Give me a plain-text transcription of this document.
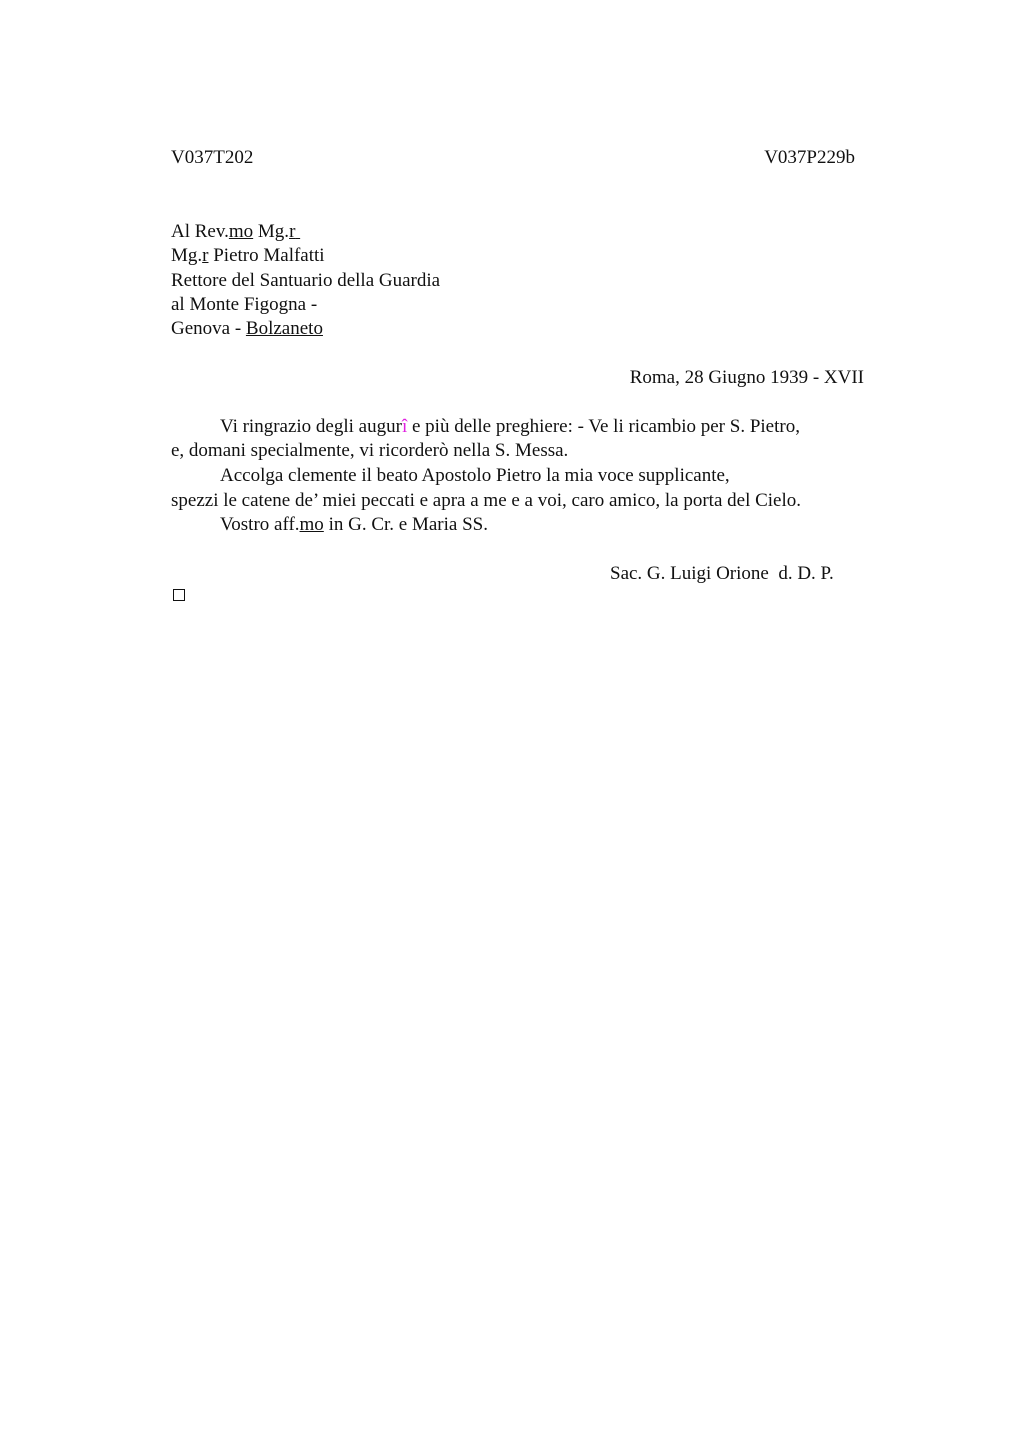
V037T202	V037P229b
Al Rev.mo Mg.r
Mg.r Pietro Malfatti
Rettore del Santuario della Guardia
al Monte Figogna -
Genova - Bolzaneto
Roma, 28 Giugno 1939 - XVII
Vi ringrazio degli augurî e più delle preghiere: - Ve li ricambio per S. Pietro,
e, domani specialmente, vi ricorderò nella S. Messa.
Accolga clemente il beato Apostolo Pietro la mia voce supplicante,
spezzi le catene de’ miei peccati e apra a me e a voi, caro amico, la porta del Cielo.
Vostro aff.mo in G. Cr. e Maria SS.
Sac. G. Luigi Orione  d. D. P.
